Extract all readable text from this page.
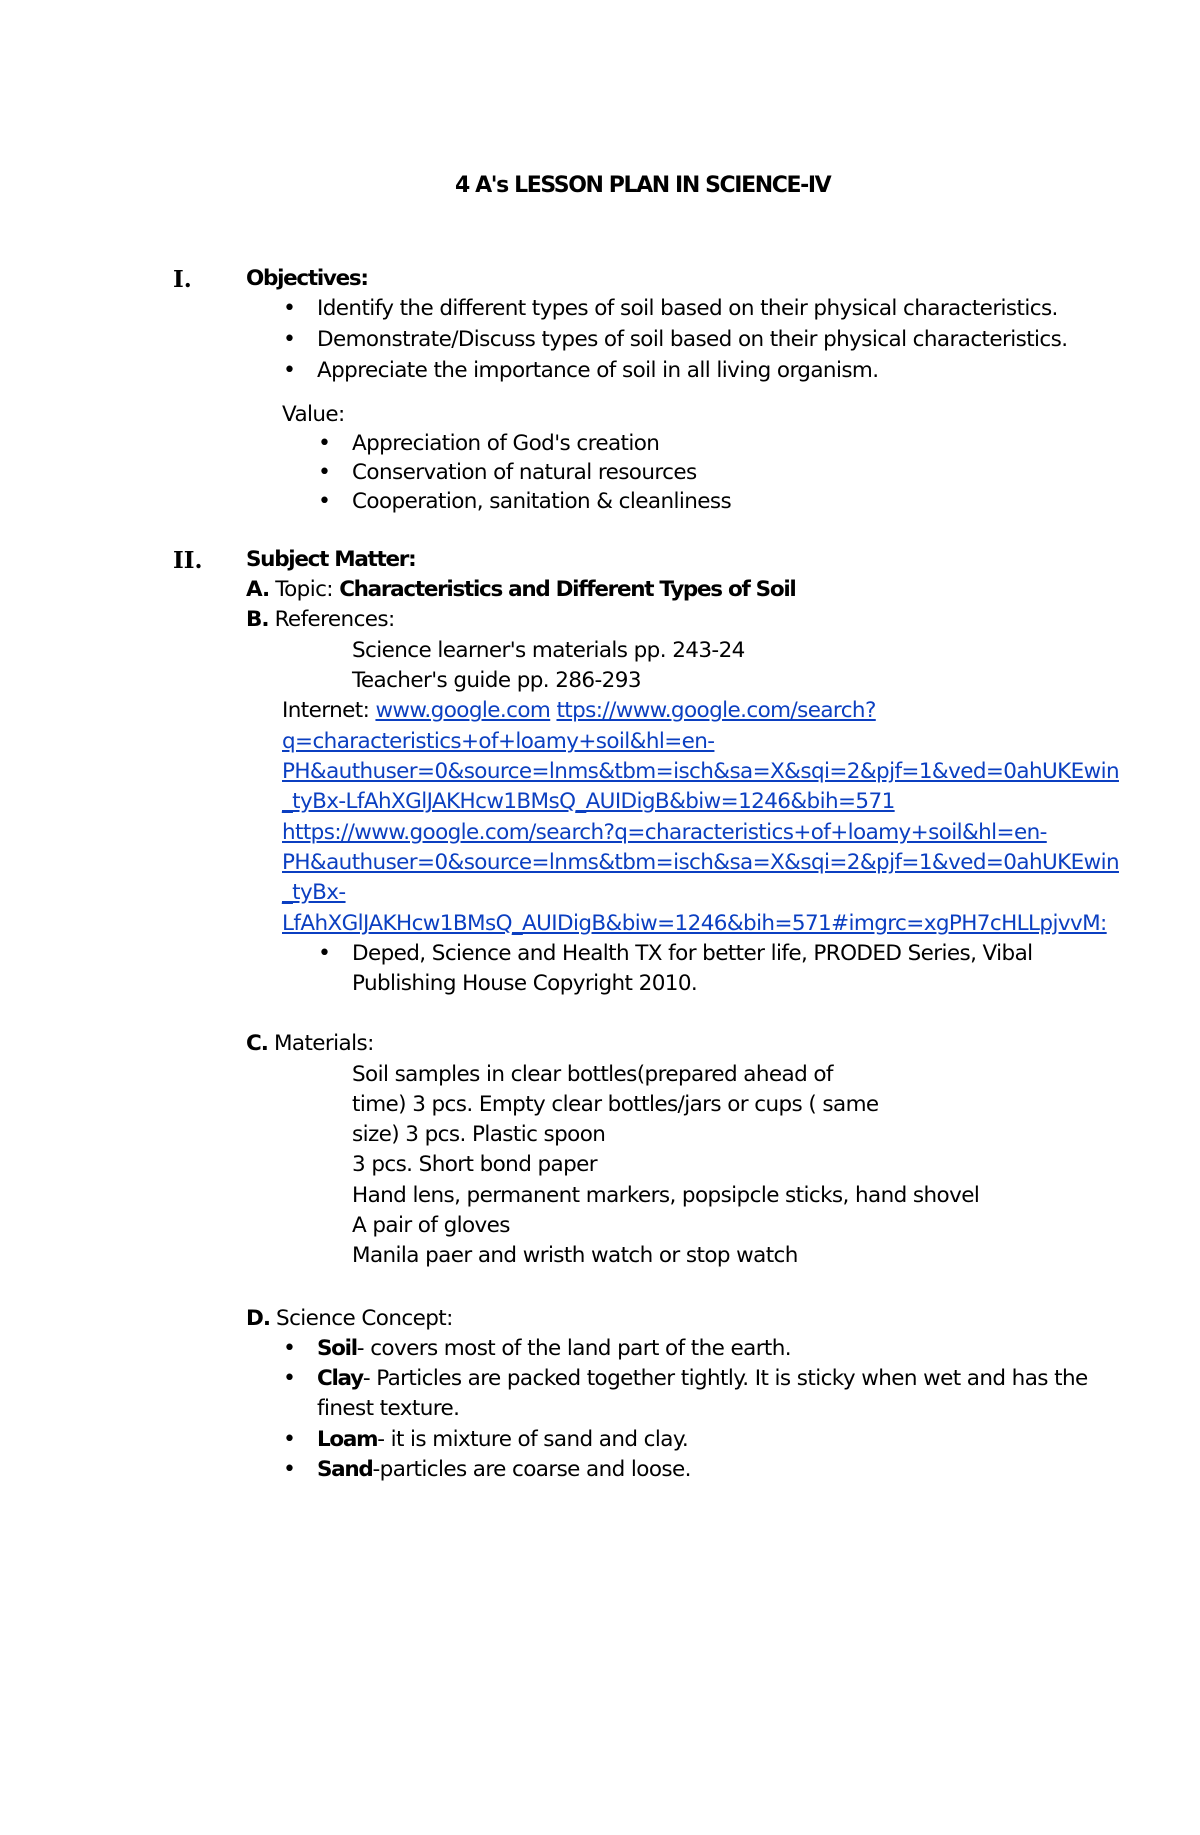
4 A's LESSON PLAN IN SCIENCE-IV
I.	Objectives:
• Identify the different types of soil based on their physical characteristics.
• Demonstrate/Discuss types of soil based on their physical characteristics.
• Appreciate the importance of soil in all living organism.
Value:
• Appreciation of God's creation
• Conservation of natural resources
• Cooperation, sanitation & cleanliness
II. Subject Matter:
A. Topic: Characteristics and Different Types of Soil
B. References:
Science learner's materials pp. 243-24
Teacher's guide pp. 286-293
Internet: www.google.com ttps://www.google.com/search?
q=characteristics+of+loamy+soil&hl=en-
PH&authuser=0&source=lnms&tbm=isch&sa=X&sqi=2&pjf=1&ved=0ahUKEwin
_tyBx-LfAhXGlJAKHcw1BMsQ_AUIDigB&biw=1246&bih=571
https://www.google.com/search?q=characteristics+of+loamy+soil&hl=en-
PH&authuser=0&source=lnms&tbm=isch&sa=X&sqi=2&pjf=1&ved=0ahUKEwin
_tyBx-
LfAhXGlJAKHcw1BMsQ_AUIDigB&biw=1246&bih=571#imgrc=xgPH7cHLLpjvvM:
• Deped, Science and Health TX for better life, PRODED Series, Vibal
Publishing House Copyright 2010.
C. Materials:
Soil samples in clear bottles(prepared ahead of
time) 3 pcs. Empty clear bottles/jars or cups ( same
size) 3 pcs. Plastic spoon
3 pcs. Short bond paper
Hand lens, permanent markers, popsipcle sticks, hand shovel
A pair of gloves
Manila paer and wristh watch or stop watch
D. Science Concept:
• Soil- covers most of the land part of the earth.
• Clay- Particles are packed together tightly. It is sticky when wet and has the
finest texture.
• Loam- it is mixture of sand and clay.
• Sand-particles are coarse and loose.
